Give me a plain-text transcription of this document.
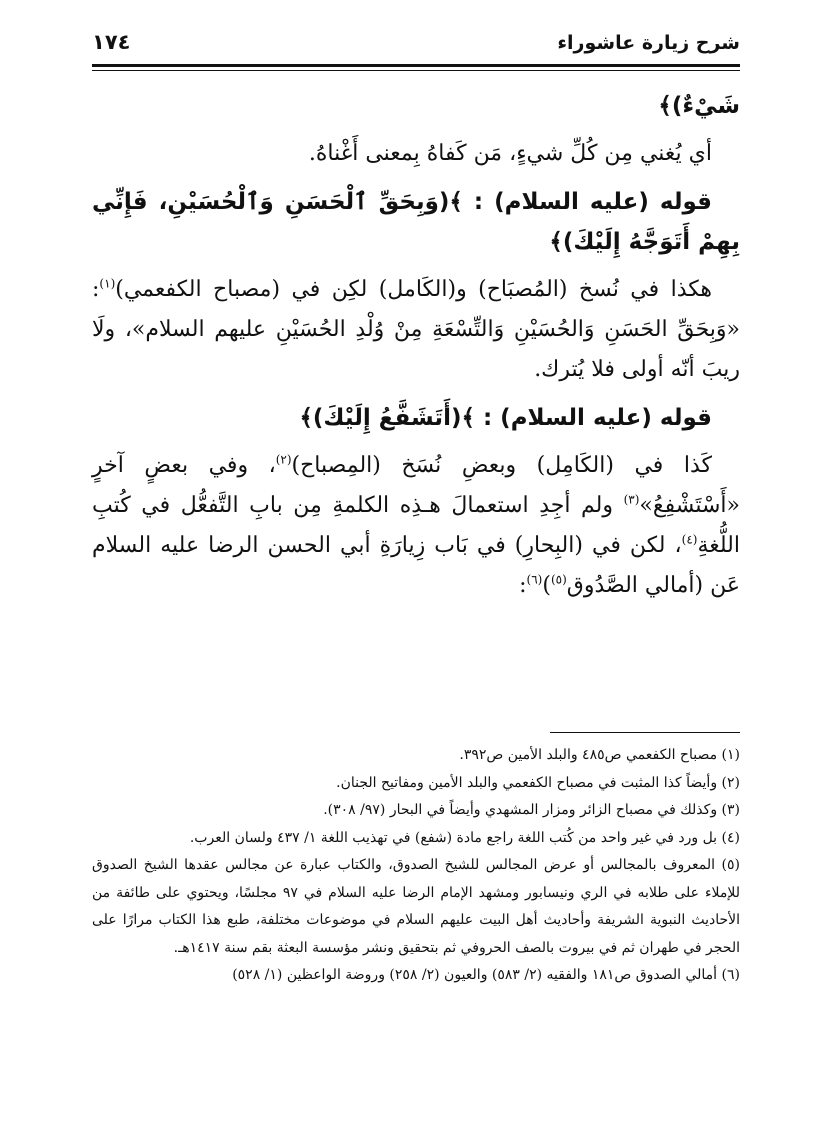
شرح زيارة عاشوراء
١٧٤

شَيْءٌ)﴾

أي يُغني مِن كُلِّ شيءٍ، مَن كَفاهُ بِمعنى أَغْناهُ.

قوله (عليه السلام) : ﴾(وَبِحَقِّ ٱلْحَسَنِ وَٱلْحُسَيْنِ، فَإِنِّي بِهِمْ أَتَوَجَّهُ إِلَيْكَ)﴾

هكذا في نُسخ (المُصبَاح) و(الكَامل) لكِن في (مصباح الكفعمي)$^{(١)}$: «وَبِحَقِّ الحَسَنِ وَالحُسَيْنِ وَالتِّسْعَةِ مِنْ وُلْدِ الحُسَيْنِ عليهم السلام»، ولَا ريبَ أنّه أولى فلا يُترك.

قوله (عليه السلام) : ﴾(أَتَشَفَّعُ إِلَيْكَ)﴾

كَذا في (الكَامِل) وبعضِ نُسَخ (المِصباح)$^{(٢)}$، وفي بعضٍ آخرٍ «أَسْتَشْفِعُ»$^{(٣)}$ ولم أجِدِ استعمالَ هـذِه الكلمةِ مِن بابِ التَّفعُّل في كُتبِ اللُّغةِ$^{(٤)}$، لكن في (البِحارِ) في بَاب زِيارَةِ أبي الحسن الرضا عليه السلام عَن (أمالي الصَّدُوق$^{(٥)}$)$^{(٦)}$:

(١) مصباح الكفعمي ص٤٨٥ والبلد الأمين ص٣٩٢.

(٢) وأيضاً كذا المثبت في مصباح الكفعمي والبلد الأمين ومفاتيح الجنان.

(٣) وكذلك في مصباح الزائر ومزار المشهدي وأيضاً في البحار (٩٧/ ٣٠٨).

(٤) بل ورد في غير واحد من كُتب اللغة راجع مادة (شفع) في تهذيب اللغة ١/ ٤٣٧ ولسان العرب.

(٥) المعروف بالمجالس أو عرض المجالس للشيخ الصدوق، والكتاب عبارة عن مجالس عقدها الشيخ الصدوق للإملاء على طلابه في الري ونيسابور ومشهد الإمام الرضا عليه السلام في ٩٧ مجلسًا، ويحتوي على طائفة من الأحاديث النبوية الشريفة وأحاديث أهل البيت عليهم السلام في موضوعات مختلفة، طبع هذا الكتاب مرارًا على الحجر في طهران ثم في بيروت بالصف الحروفي ثم بتحقيق ونشر مؤسسة البعثة بقم سنة ١٤١٧هـ.

(٦) أمالي الصدوق ص١٨١ والفقيه (٢/ ٥٨٣) والعيون (٢/ ٢٥٨) وروضة الواعظين (١/ ٥٢٨)
